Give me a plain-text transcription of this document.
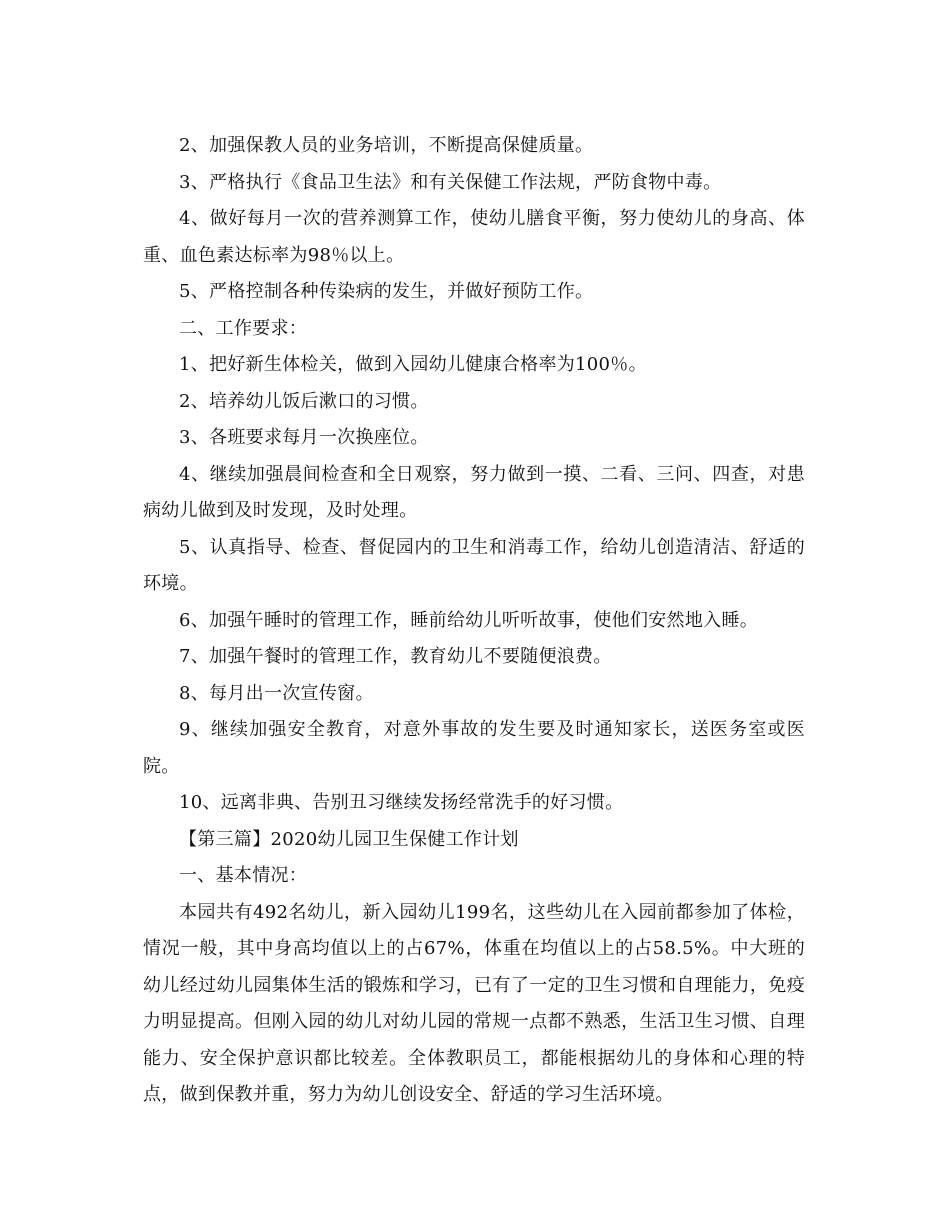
2、加强保教人员的业务培训，不断提高保健质量。

3、严格执行《食品卫生法》和有关保健工作法规，严防食物中毒。

4、做好每月一次的营养测算工作，使幼儿膳食平衡，努力使幼儿的身高、体重、血色素达标率为98％以上。

5、严格控制各种传染病的发生，并做好预防工作。

二、工作要求：

1、把好新生体检关，做到入园幼儿健康合格率为100％。

2、培养幼儿饭后漱口的习惯。

3、各班要求每月一次换座位。

4、继续加强晨间检查和全日观察，努力做到一摸、二看、三问、四查，对患病幼儿做到及时发现，及时处理。

5、认真指导、检查、督促园内的卫生和消毒工作，给幼儿创造清洁、舒适的环境。

6、加强午睡时的管理工作，睡前给幼儿听听故事，使他们安然地入睡。

7、加强午餐时的管理工作，教育幼儿不要随便浪费。

8、每月出一次宣传窗。

9、继续加强安全教育，对意外事故的发生要及时通知家长，送医务室或医院。

10、远离非典、告别丑习继续发扬经常洗手的好习惯。

【第三篇】2020幼儿园卫生保健工作计划

一、基本情况：

本园共有492名幼儿，新入园幼儿199名，这些幼儿在入园前都参加了体检，情况一般，其中身高均值以上的占67%，体重在均值以上的占58.5%。中大班的幼儿经过幼儿园集体生活的锻炼和学习，已有了一定的卫生习惯和自理能力，免疫力明显提高。但刚入园的幼儿对幼儿园的常规一点都不熟悉，生活卫生习惯、自理能力、安全保护意识都比较差。全体教职员工，都能根据幼儿的身体和心理的特点，做到保教并重，努力为幼儿创设安全、舒适的学习生活环境。
